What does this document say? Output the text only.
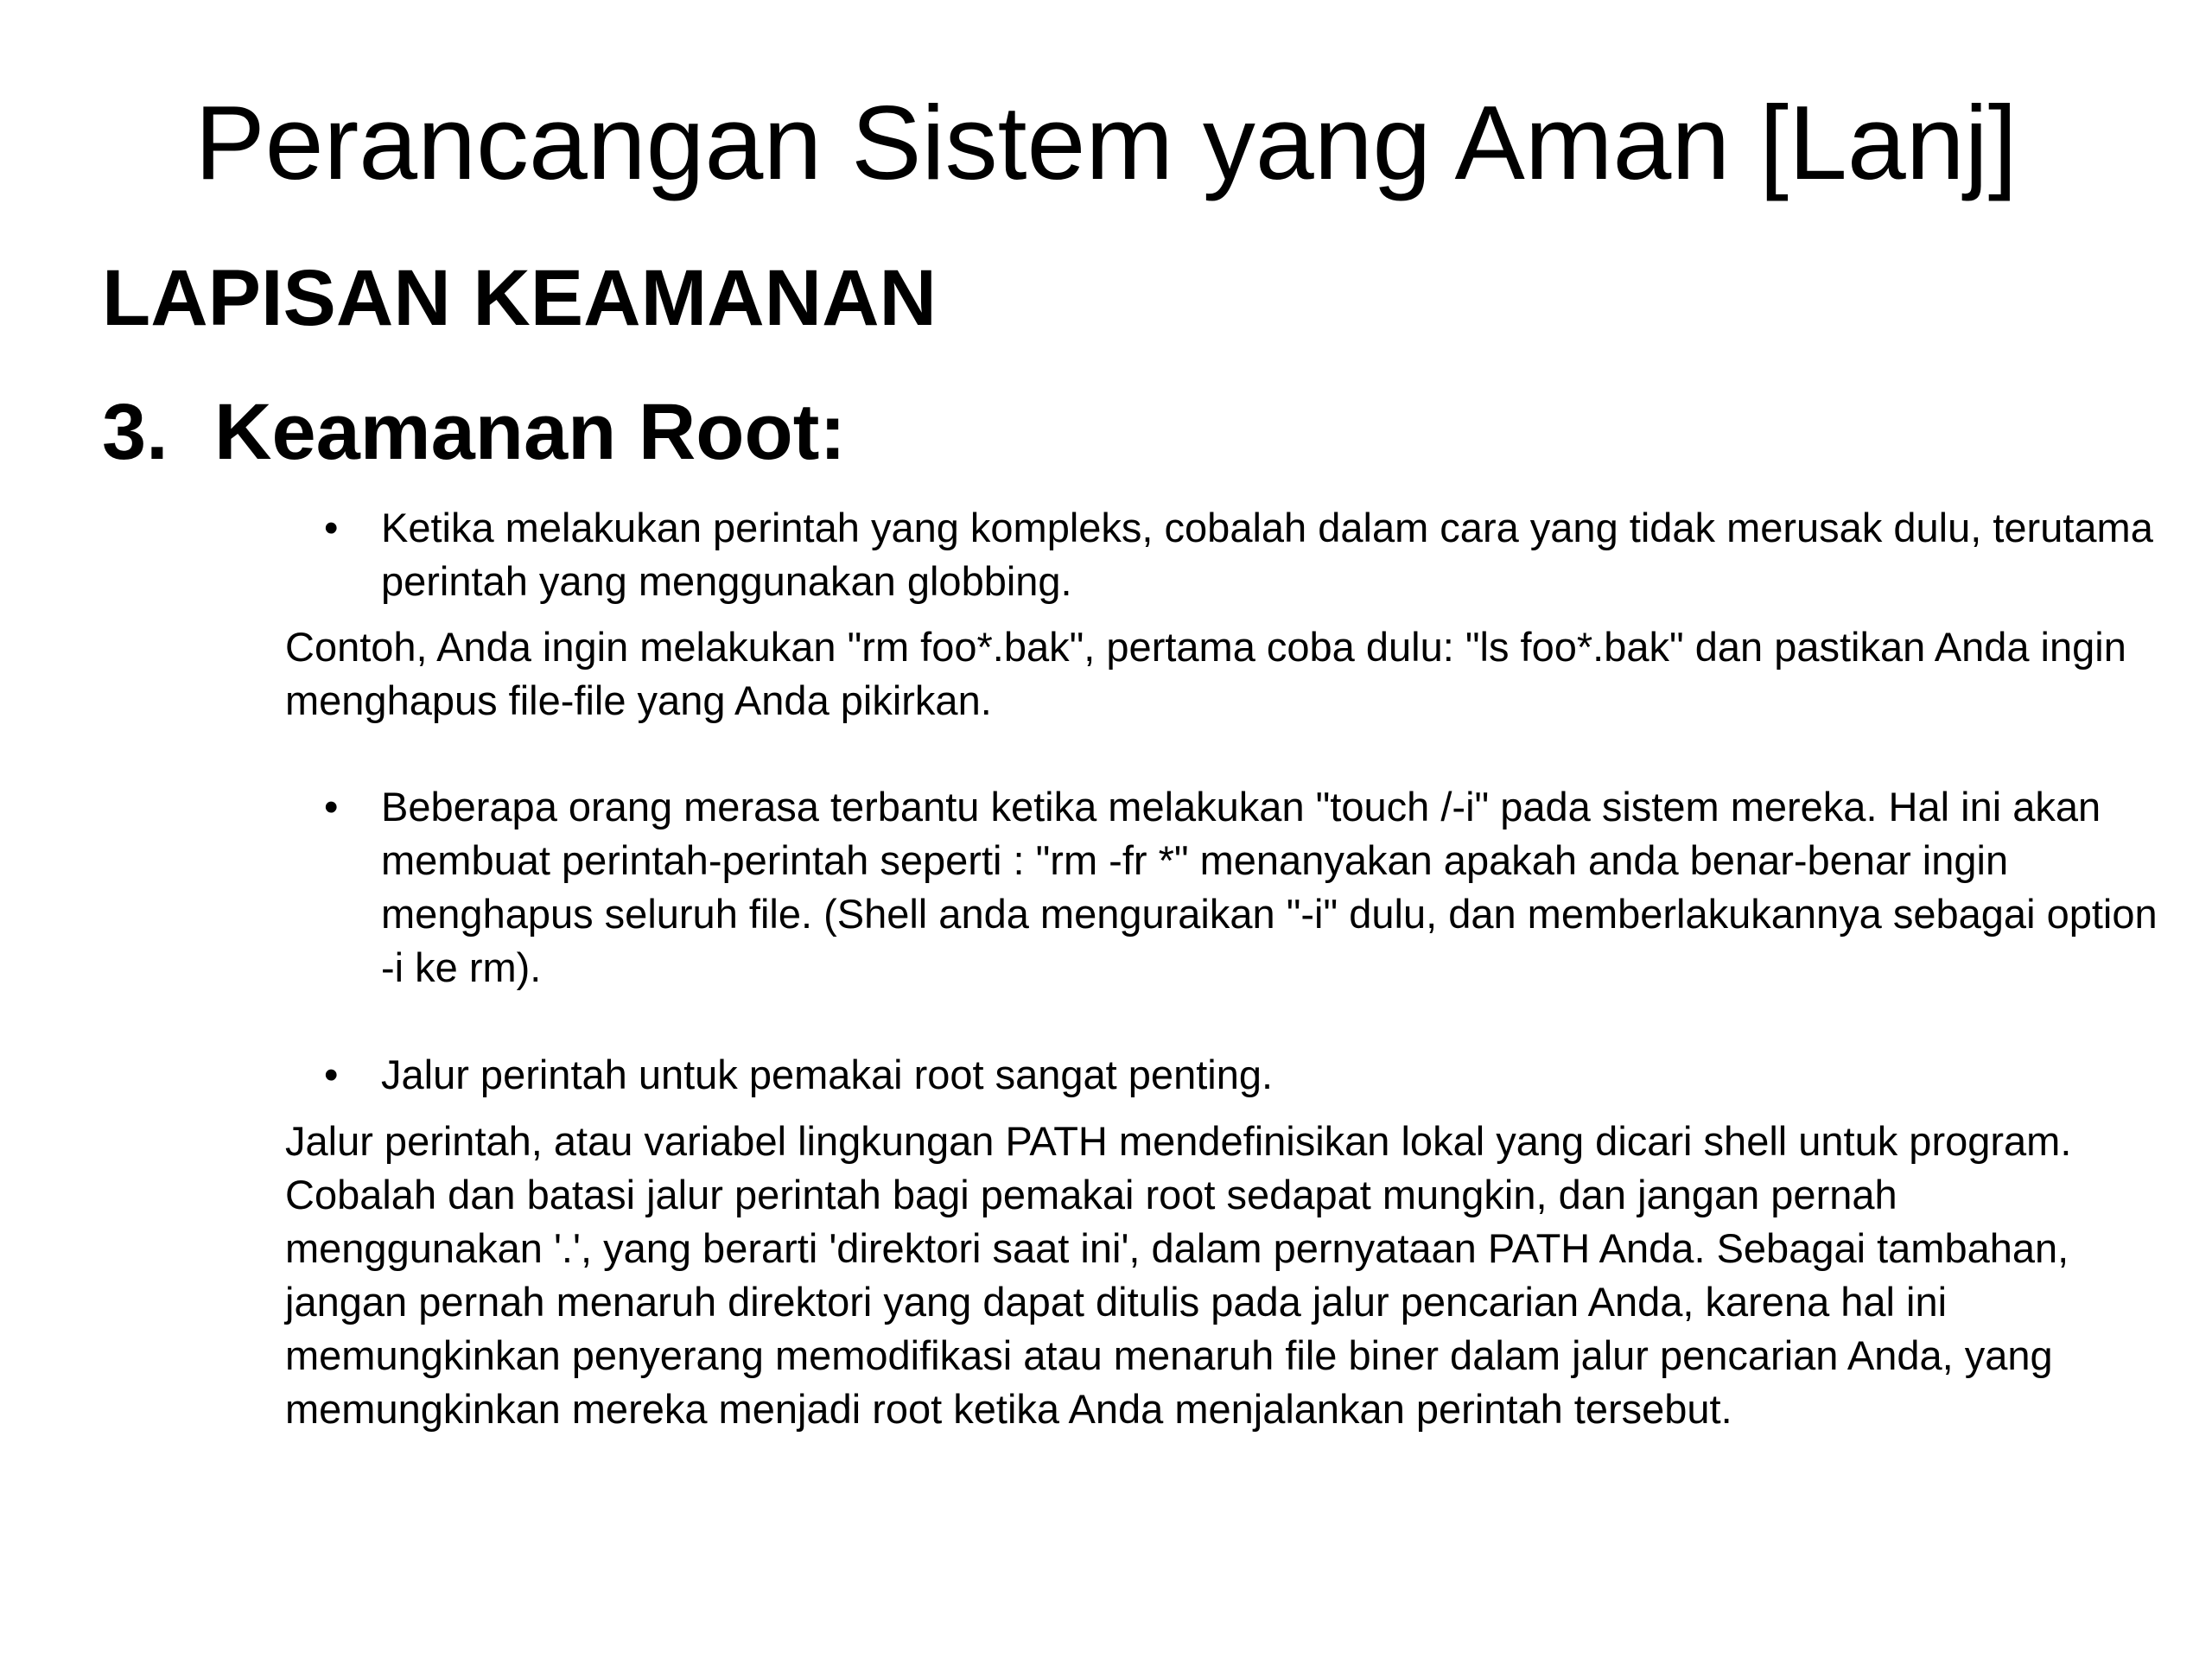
Perancangan Sistem yang Aman [Lanj]
LAPISAN KEAMANAN
3. Keamanan Root:
• Ketika melakukan perintah yang kompleks, cobalah dalam cara yang tidak merusak dulu, terutama perintah yang menggunakan globbing.

Contoh, Anda ingin melakukan "rm foo*.bak", pertama coba dulu: "ls foo*.bak" dan pastikan Anda ingin menghapus file-file yang Anda pikirkan.

• Beberapa orang merasa terbantu ketika melakukan "touch /-i" pada sistem mereka. Hal ini akan membuat perintah-perintah seperti : "rm -fr *" menanyakan apakah anda benar-benar ingin menghapus seluruh file. (Shell anda menguraikan "-i" dulu, dan memberlakukannya sebagai option -i ke rm).
• Jalur perintah untuk pemakai root sangat penting.

Jalur perintah, atau variabel lingkungan PATH mendefinisikan lokal yang dicari shell untuk program. Cobalah dan batasi jalur perintah bagi pemakai root sedapat mungkin, dan jangan pernah menggunakan '.', yang berarti 'direktori saat ini', dalam pernyataan PATH Anda. Sebagai tambahan, jangan pernah menaruh direktori yang dapat ditulis pada jalur pencarian Anda, karena hal ini memungkinkan penyerang memodifikasi atau menaruh file biner dalam jalur pencarian Anda, yang memungkinkan mereka menjadi root ketika Anda menjalankan perintah tersebut.
